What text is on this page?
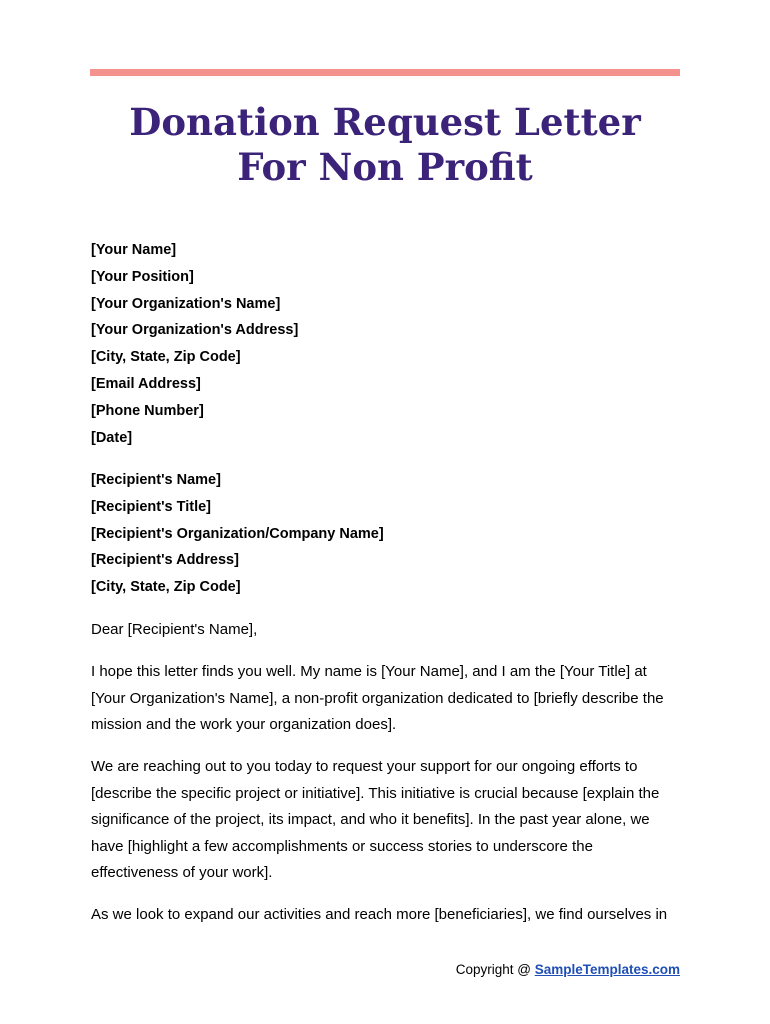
Donation Request Letter
For Non Profit
[Your Name]
[Your Position]
[Your Organization's Name]
[Your Organization's Address]
[City, State, Zip Code]
[Email Address]
[Phone Number]
[Date]
[Recipient's Name]
[Recipient's Title]
[Recipient's Organization/Company Name]
[Recipient's Address]
[City, State, Zip Code]
Dear [Recipient's Name],
I hope this letter finds you well. My name is [Your Name], and I am the [Your Title] at
[Your Organization's Name], a non-profit organization dedicated to [briefly describe the
mission and the work your organization does].
We are reaching out to you today to request your support for our ongoing efforts to
[describe the specific project or initiative]. This initiative is crucial because [explain the
significance of the project, its impact, and who it benefits]. In the past year alone, we
have [highlight a few accomplishments or success stories to underscore the
effectiveness of your work].
As we look to expand our activities and reach more [beneficiaries], we find ourselves in
Copyright @ SampleTemplates.com
